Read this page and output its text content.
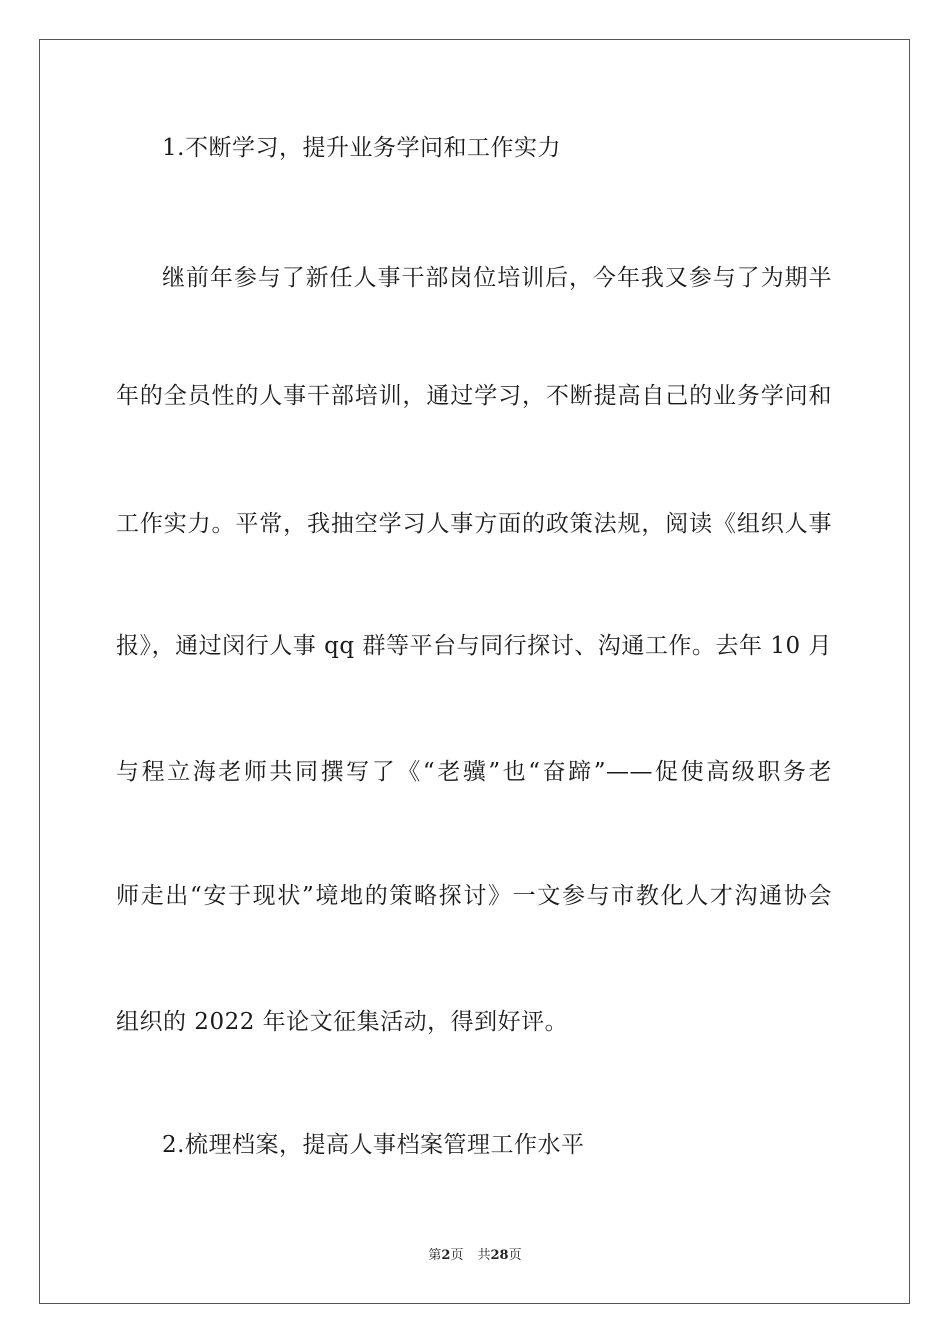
1.不断学习，提升业务学问和工作实力
继前年参与了新任人事干部岗位培训后，今年我又参与了为期半
年的全员性的人事干部培训，通过学习，不断提高自己的业务学问和
工作实力。平常，我抽空学习人事方面的政策法规，阅读《组织人事
报》，通过闵行人事 qq 群等平台与同行探讨、沟通工作。去年 10 月
与程立海老师共同撰写了《“老骥”也“奋蹄”——促使高级职务老
师走出“安于现状”境地的策略探讨》一文参与市教化人才沟通协会
组织的 2022 年论文征集活动，得到好评。
2.梳理档案，提高人事档案管理工作水平
第2页 共28页
